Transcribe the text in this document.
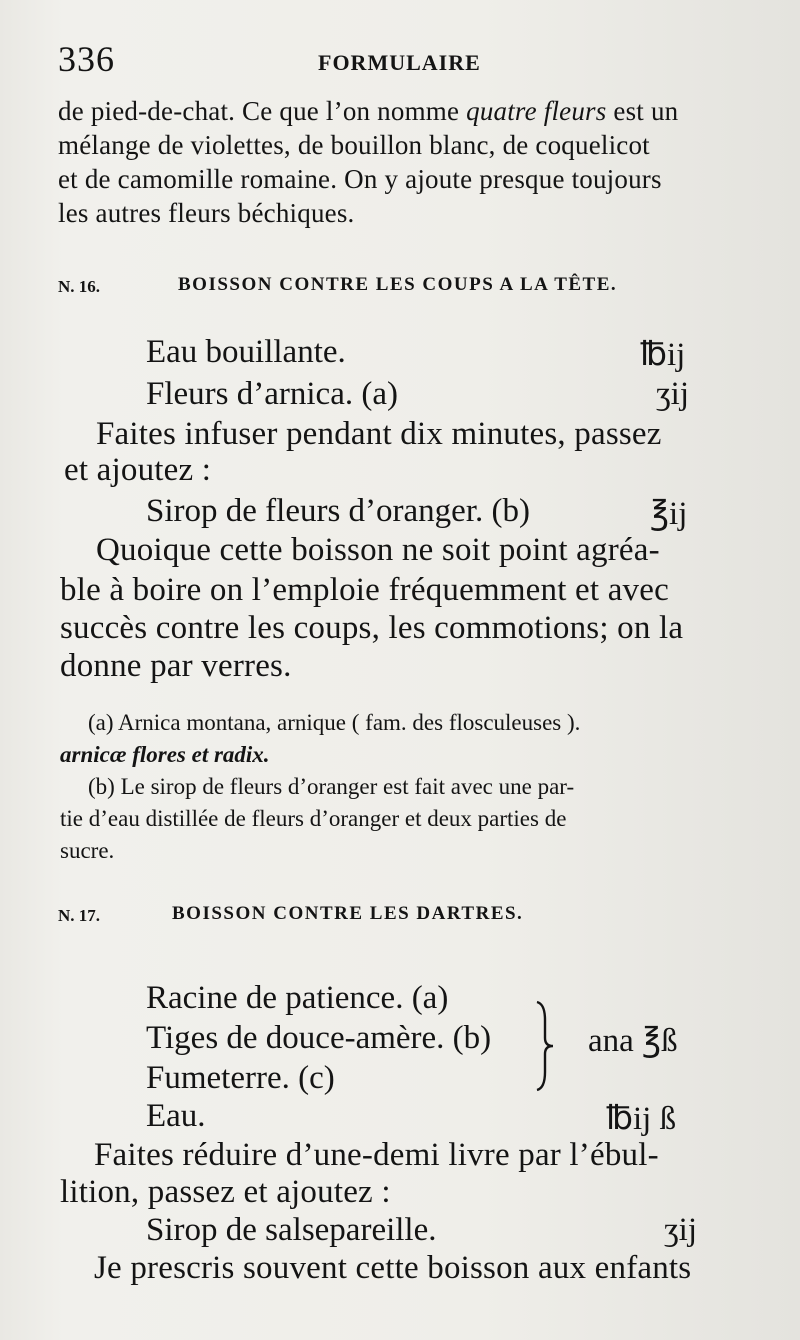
336	FORMULAIRE
de pied-de-chat. Ce que l’on nomme quatre fleurs est un
mélange de violettes, de bouillon blanc, de coquelicot
et de camomille romaine. On y ajoute presque toujours
les autres fleurs béchiques.
N. 16.	BOISSON CONTRE LES COUPS A LA TÊTE.
Eau bouillante.	℔ij
Fleurs d’arnica. (a)	ʒij
Faites infuser pendant dix minutes, passez
et ajoutez :
Sirop de fleurs d’oranger. (b)	℥ij
Quoique cette boisson ne soit point agréa-
ble à boire on l’emploie fréquemment et avec
succès contre les coups, les commotions; on la
donne par verres.
(a) Arnica montana, arnique ( fam. des flosculeuses ).
arnicæ flores et radix.
(b) Le sirop de fleurs d’oranger est fait avec une par-
tie d’eau distillée de fleurs d’oranger et deux parties de
sucre.
N. 17.	BOISSON CONTRE LES DARTRES.
Racine de patience. (a)
Tiges de douce-amère. (b)
Fumeterre. (c)
ana ℥ß
Eau.	℔ij ß
Faites réduire d’une-demi livre par l’ébul-
lition, passez et ajoutez :
Sirop de salsepareille.	ʒij
Je prescris souvent cette boisson aux enfants
